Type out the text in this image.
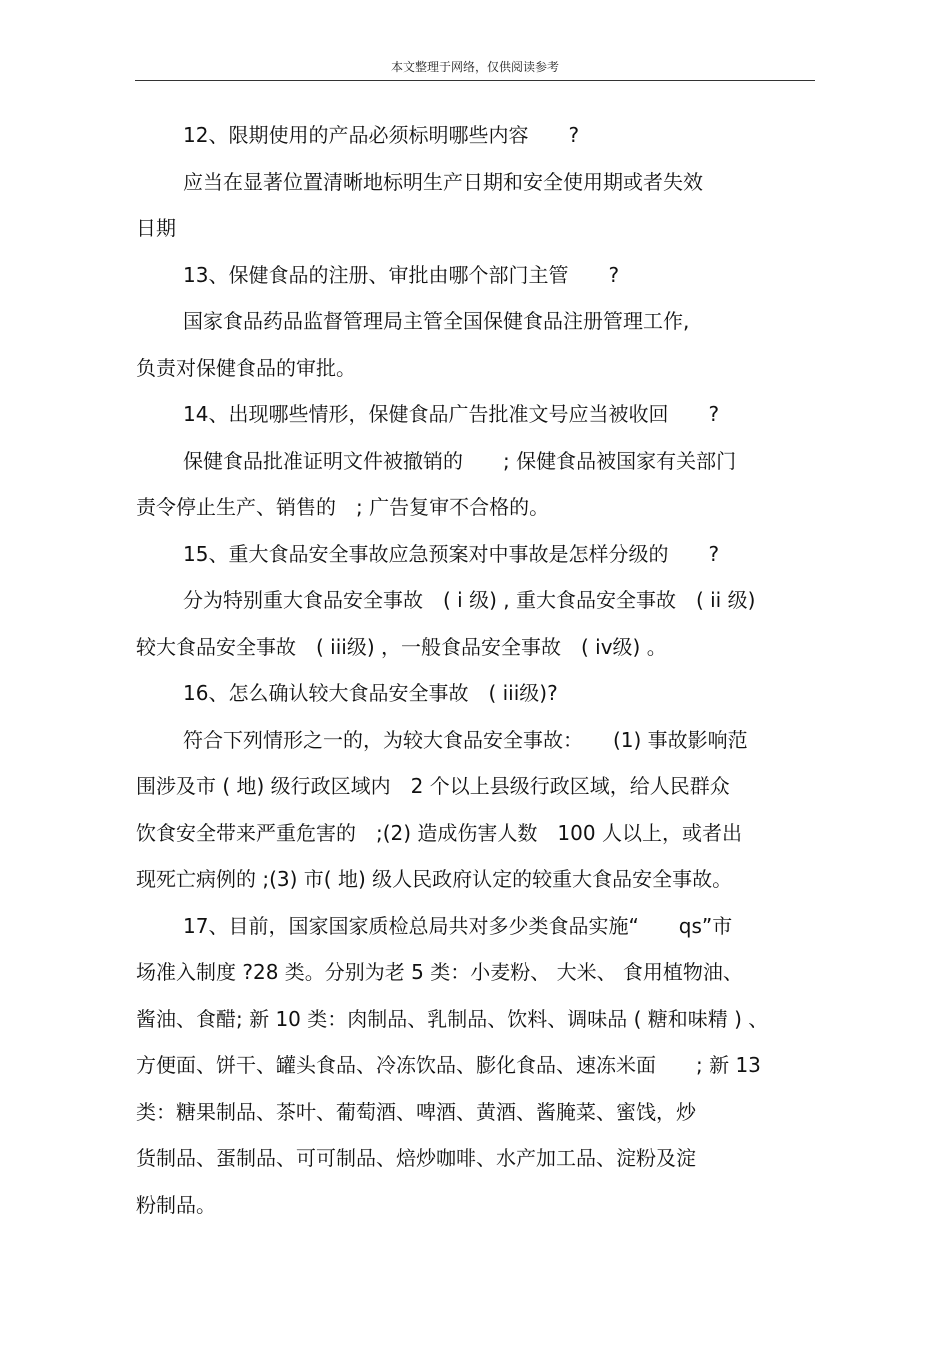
本文整理于网络，仅供阅读参考
12、限期使用的产品必须标明哪些内容　　?
应当在显著位置清晰地标明生产日期和安全使用期或者失效
日期
13、保健食品的注册、审批由哪个部门主管　　?
国家食品药品监督管理局主管全国保健食品注册管理工作,
负责对保健食品的审批。
14、出现哪些情形，保健食品广告批准文号应当被收回　　?
保健食品批准证明文件被撤销的　　; 保健食品被国家有关部门
责令停止生产、销售的　; 广告复审不合格的。
15、重大食品安全事故应急预案对中事故是怎样分级的　　?
分为特别重大食品安全事故　( i 级) , 重大食品安全事故　( ii 级)
较大食品安全事故　( iii级) ，一般食品安全事故　( iv级) 。
16、怎么确认较大食品安全事故　( iii级)?
符合下列情形之一的，为较大食品安全事故：　　(1) 事故影响范
围涉及市 ( 地) 级行政区域内　2 个以上县级行政区域，给人民群众
饮食安全带来严重危害的　;(2) 造成伤害人数　100 人以上，或者出
现死亡病例的 ;(3) 市( 地) 级人民政府认定的较重大食品安全事故。
17、目前，国家国家质检总局共对多少类食品实施“　　qs”市
场准入制度 ?28 类。分别为老 5 类：小麦粉、 大米、 食用植物油、
酱油、食醋; 新 10 类：肉制品、乳制品、饮料、调味品 ( 糖和味精 ) 、
方便面、饼干、罐头食品、冷冻饮品、膨化食品、速冻米面　　; 新 13
类：糖果制品、茶叶、葡萄酒、啤酒、黄酒、酱腌菜、蜜饯，炒
货制品、蛋制品、可可制品、焙炒咖啡、水产加工品、淀粉及淀
粉制品。
